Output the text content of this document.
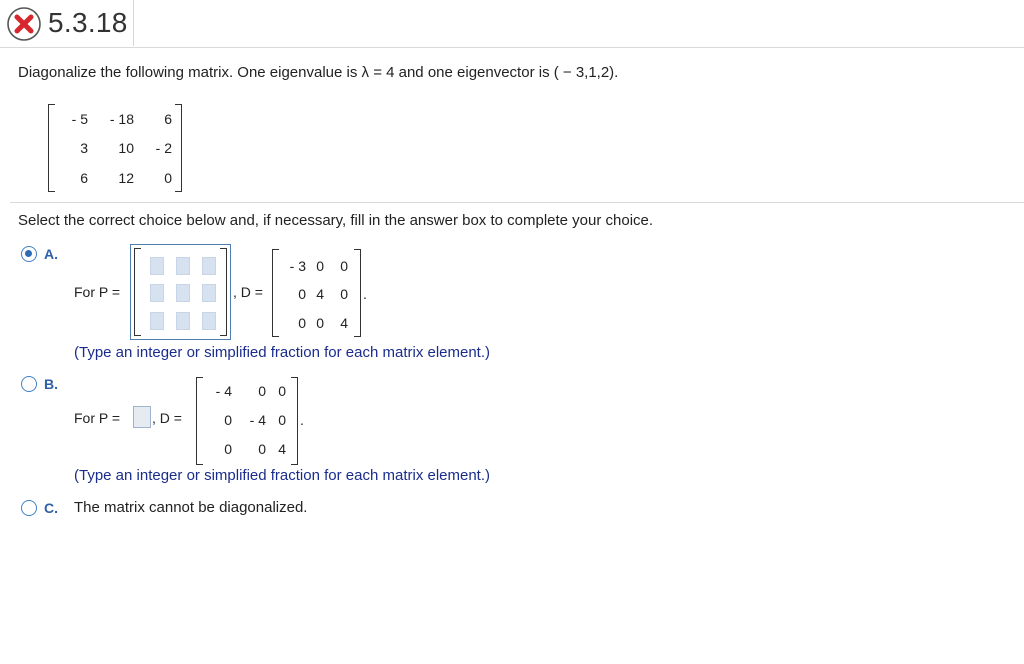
5.3.18
Diagonalize the following matrix. One eigenvalue is λ = 4 and one eigenvector is ( − 3,1,2).
- 5	- 18	6
3	10	- 2
6	12	0
Select the correct choice below and, if necessary, fill in the answer box to complete your choice.
A.
For P =	, D =
- 3 0	0
0 4	0
0 0	4
.
(Type an integer or simplified fraction for each matrix element.)
B.
For P = , D =
- 4	0 0
0	- 4 0
0	0 4
.
(Type an integer or simplified fraction for each matrix element.)
C. The matrix cannot be diagonalized.
